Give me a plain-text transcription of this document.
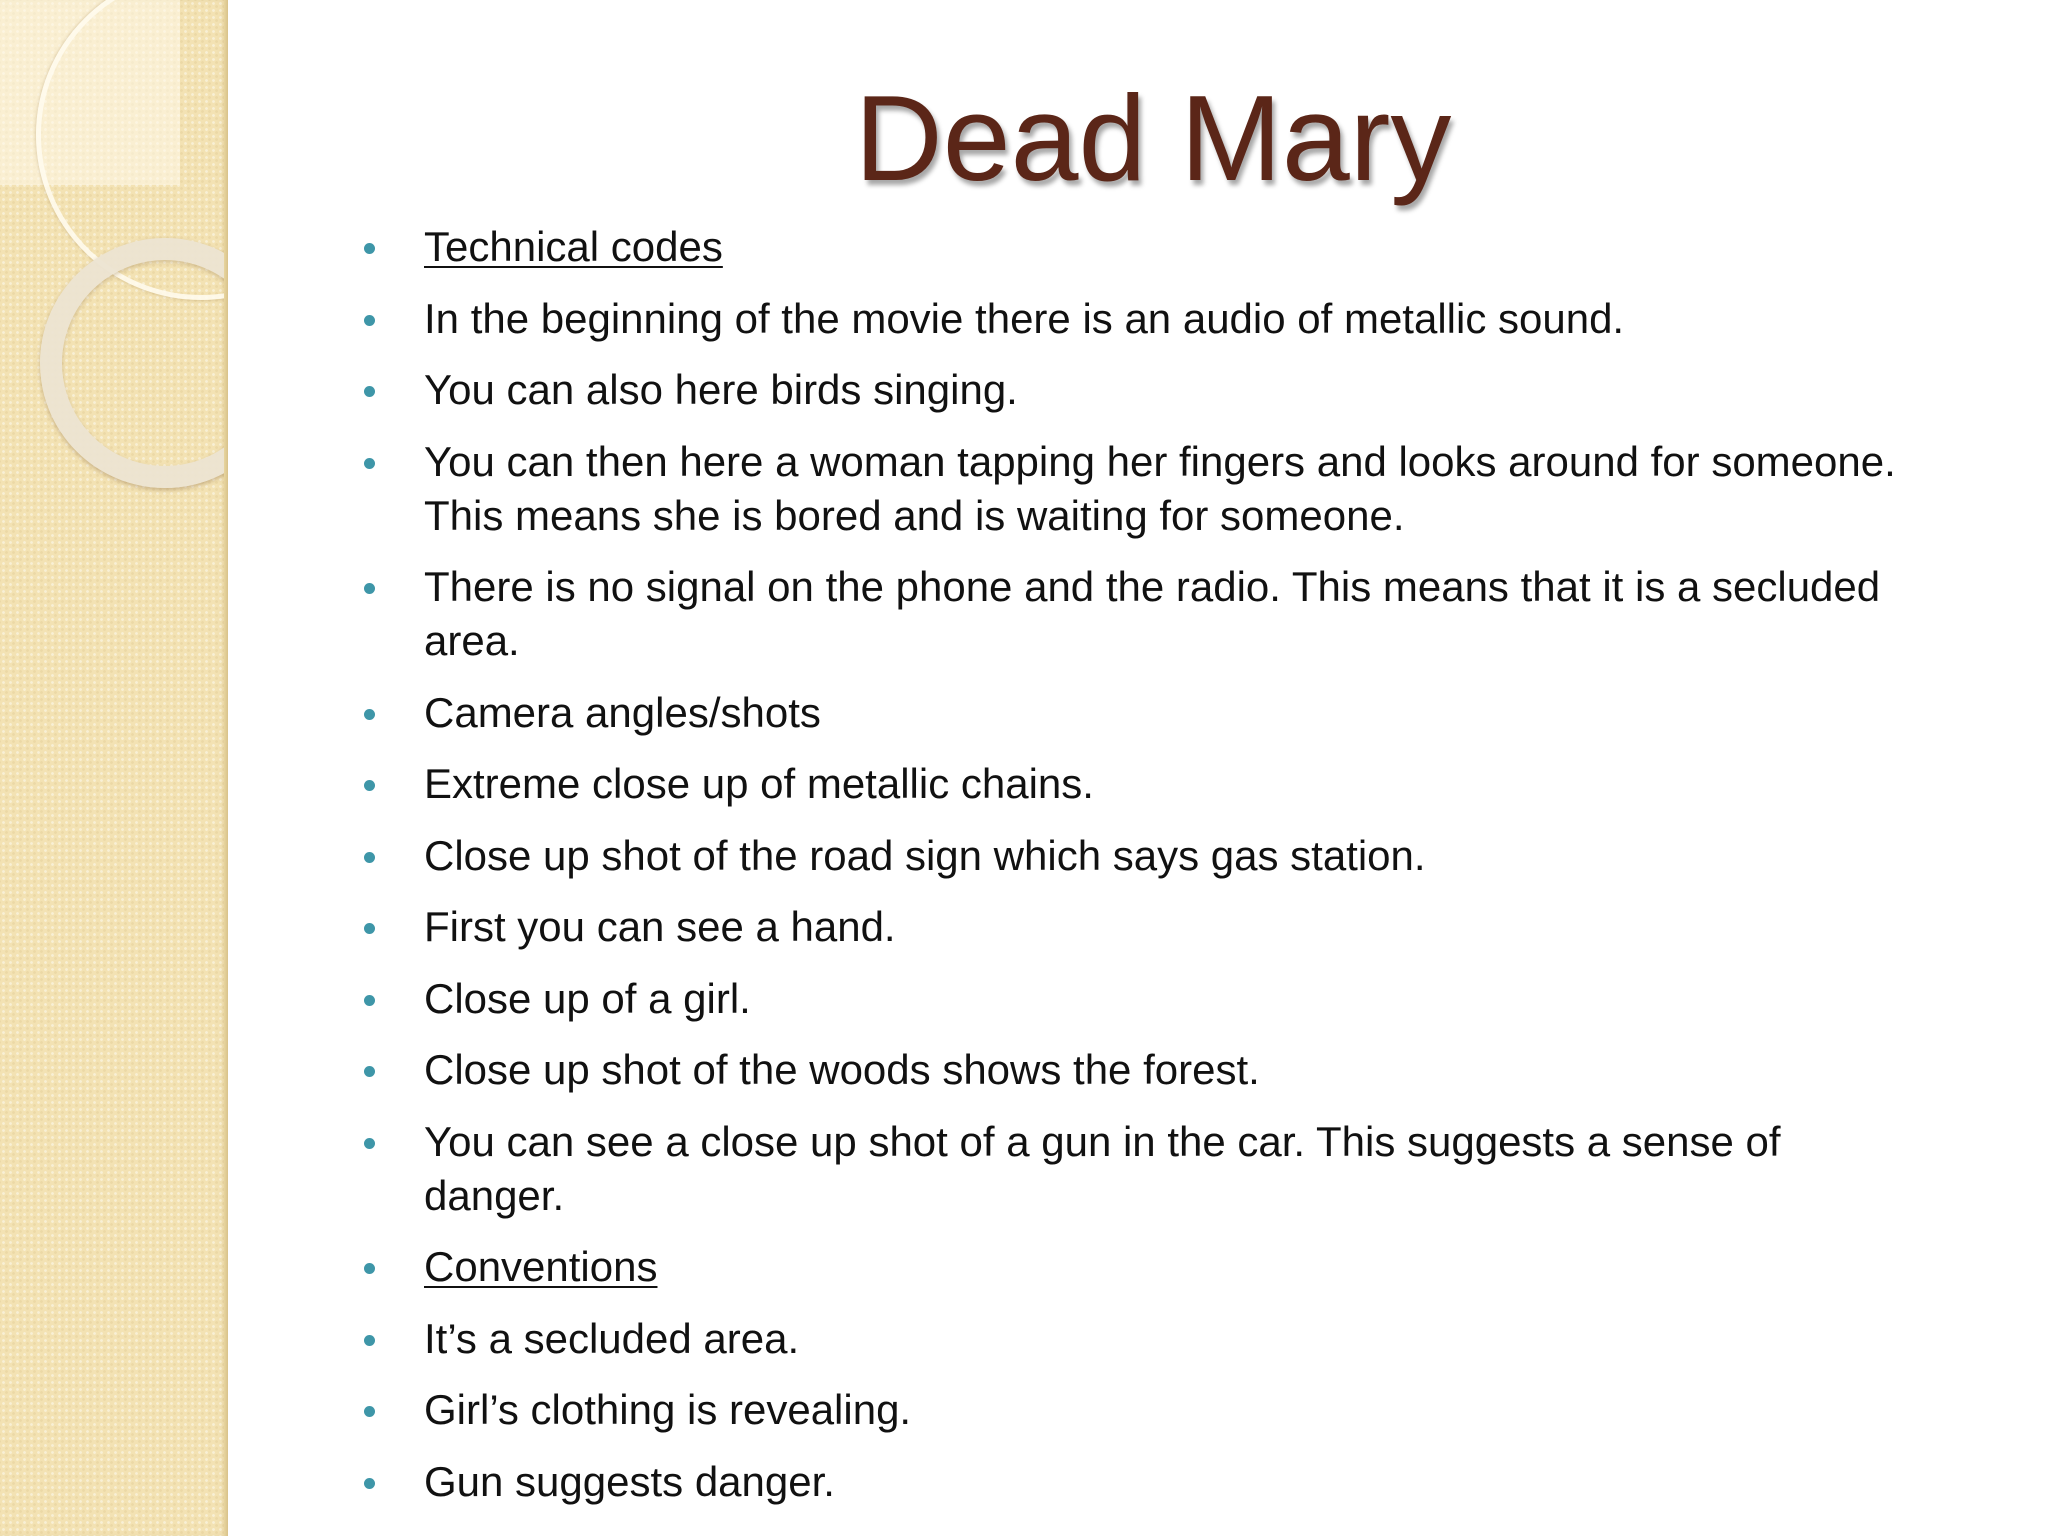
Dead Mary
Technical codes
In the beginning of the movie there is an audio of metallic sound.
You can also here birds singing.
You can then here a woman tapping her fingers and looks around for someone. This means she is bored and is waiting for someone.
There is no signal on the phone and the radio. This means that it is a secluded area.
Camera angles/shots
Extreme close up of metallic chains.
Close up shot of the road sign which says gas station.
First you can see a hand.
Close up of a girl.
Close up shot of the woods shows the forest.
You can see a close up shot of a gun in the car. This suggests a sense of danger.
Conventions
It’s a secluded area.
Girl’s clothing is revealing.
Gun suggests danger.
